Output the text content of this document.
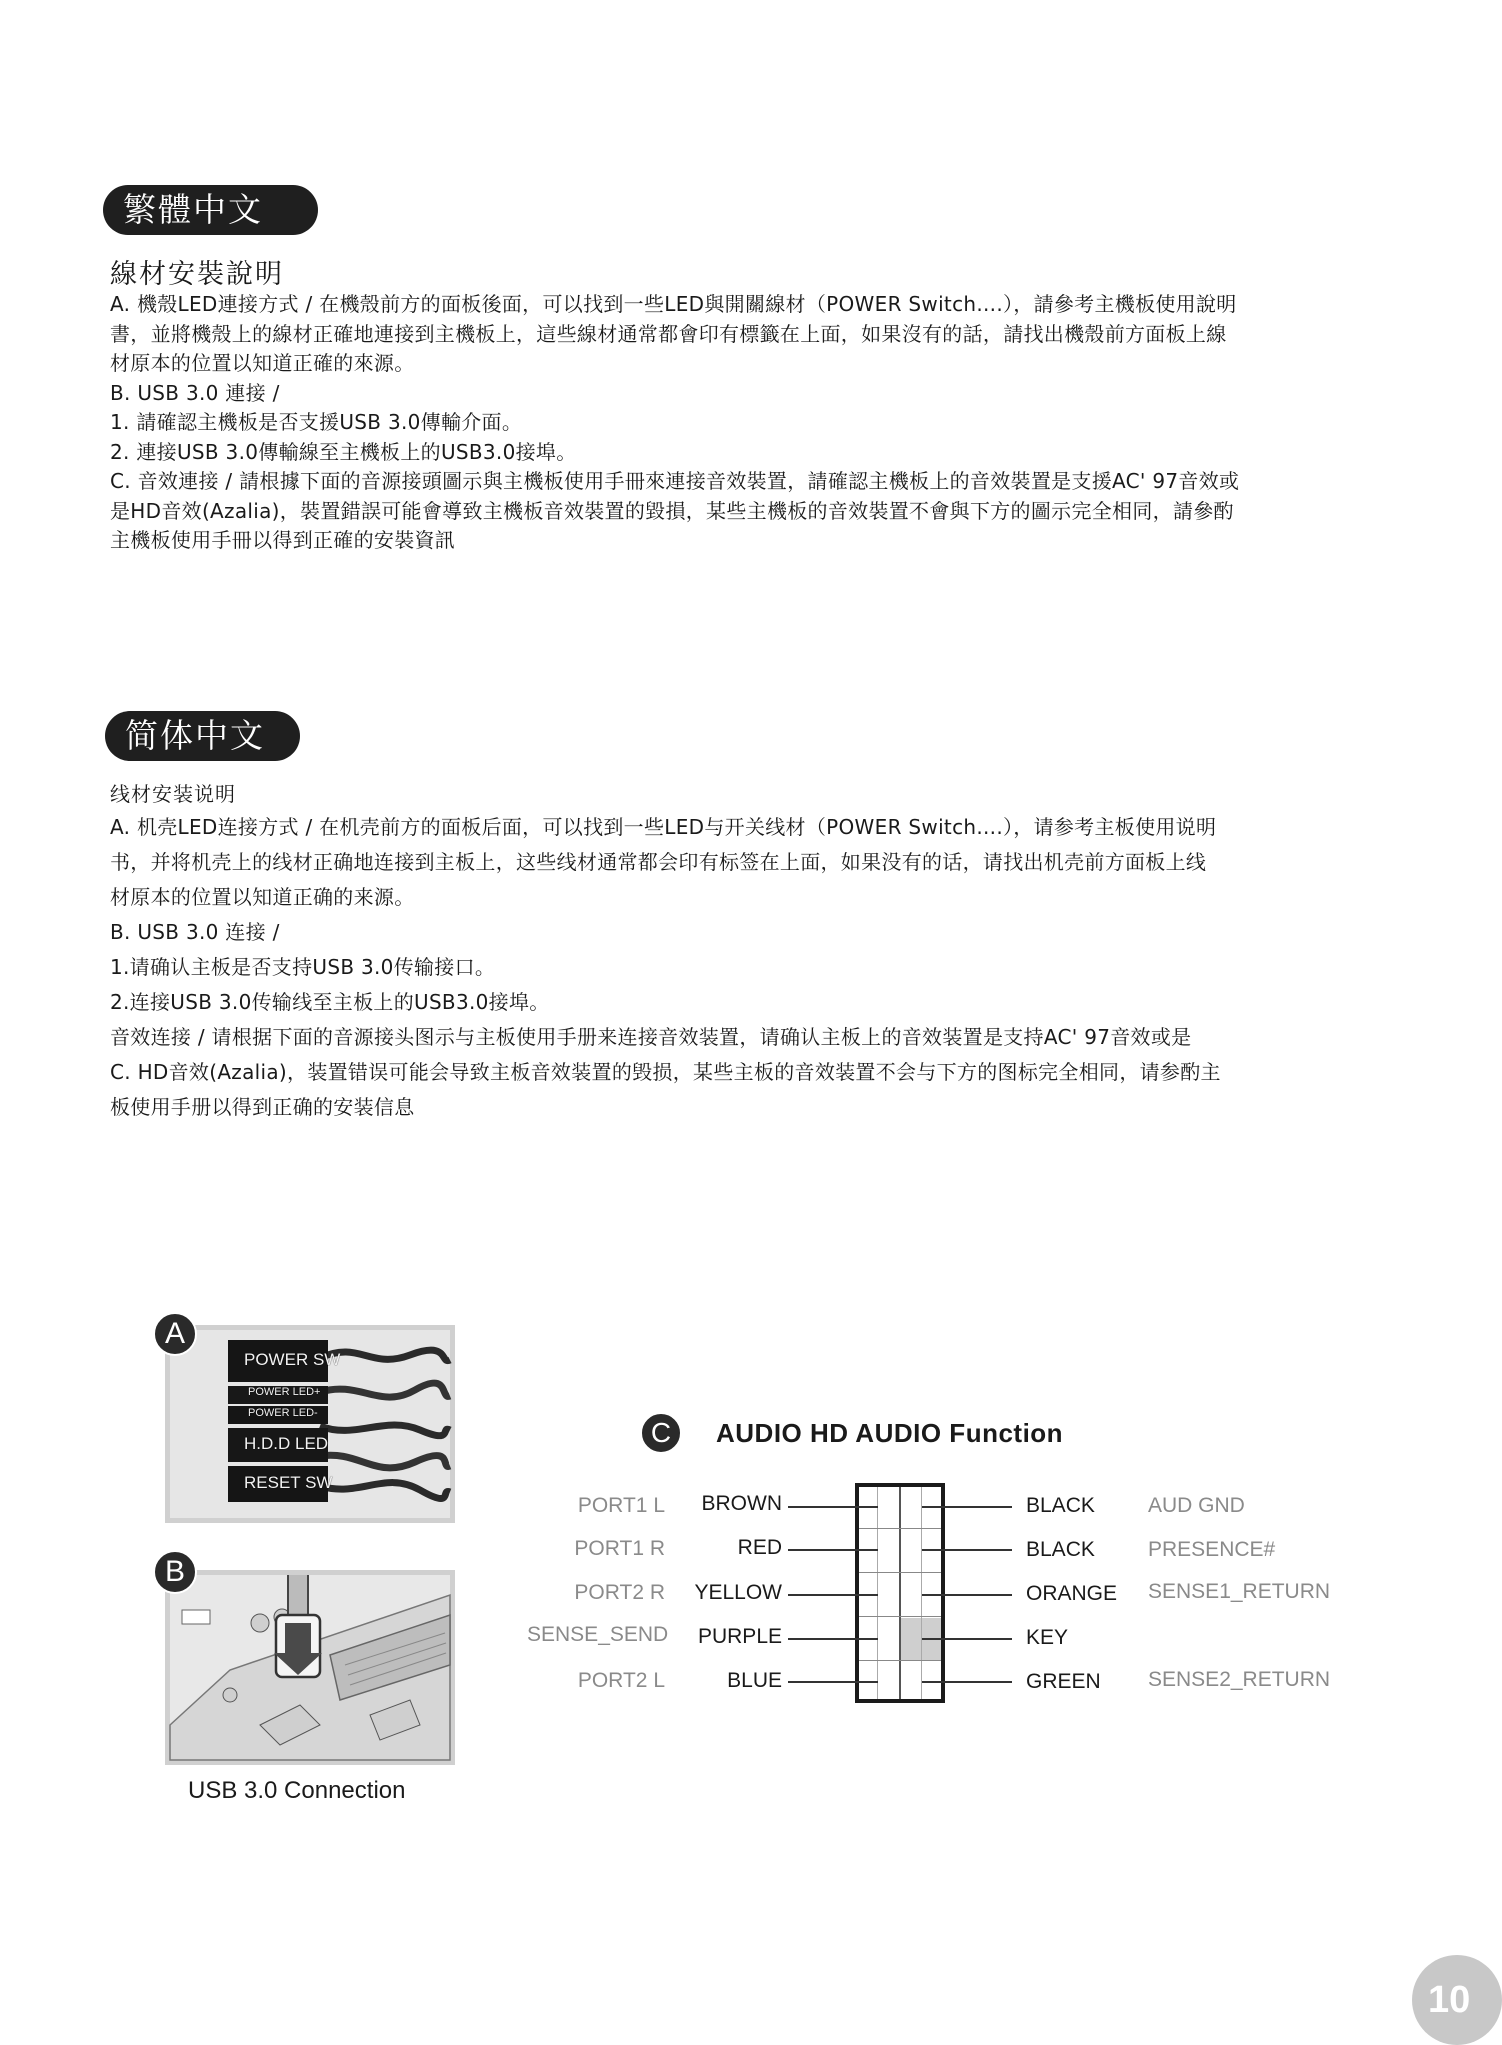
繁體中文
線材安裝說明

A. 機殼LED連接方式 / 在機殼前方的面板後面，可以找到一些LED與開關線材（POWER Switch....），請參考主機板使用說明

書，並將機殼上的線材正確地連接到主機板上，這些線材通常都會印有標籤在上面，如果沒有的話，請找出機殼前方面板上線

材原本的位置以知道正確的來源。

B. USB 3.0 連接 /

1. 請確認主機板是否支援USB 3.0傳輸介面。

2. 連接USB 3.0傳輸線至主機板上的USB3.0接埠。

C. 音效連接 / 請根據下面的音源接頭圖示與主機板使用手冊來連接音效裝置，請確認主機板上的音效裝置是支援AC' 97音效或

是HD音效(Azalia)，裝置錯誤可能會導致主機板音效裝置的毀損，某些主機板的音效裝置不會與下方的圖示完全相同，請參酌

主機板使用手冊以得到正確的安裝資訊

简体中文
线材安装说明

A. 机壳LED连接方式 / 在机壳前方的面板后面，可以找到一些LED与开关线材（POWER Switch....），请参考主板使用说明

书，并将机壳上的线材正确地连接到主板上，这些线材通常都会印有标签在上面，如果没有的话，请找出机壳前方面板上线

材原本的位置以知道正确的来源。

B. USB 3.0 连接 /

1.请确认主板是否支持USB 3.0传输接口。

2.连接USB 3.0传输线至主板上的USB3.0接埠。

音效连接 / 请根据下面的音源接头图示与主板使用手册来连接音效装置，请确认主板上的音效装置是支持AC' 97音效或是

C. HD音效(Azalia)，装置错误可能会导致主板音效装置的毁损，某些主板的音效装置不会与下方的图标完全相同，请参酌主

板使用手册以得到正确的安装信息

POWER SW
POWER LED+
POWER LED-
H.D.D LED
RESET SW
A
B
USB 3.0 Connection
C	AUDIO HD AUDIO Function
PORT1 L	BROWN	BLACK	AUD GND
PORT1 R	RED	BLACK	PRESENCE#
PORT2 R	YELLOW	ORANGE SENSE1_RETURN
SENSE_SEND	PURPLE	KEY
PORT2 L	BLUE	GREEN SENSE2_RETURN
10
